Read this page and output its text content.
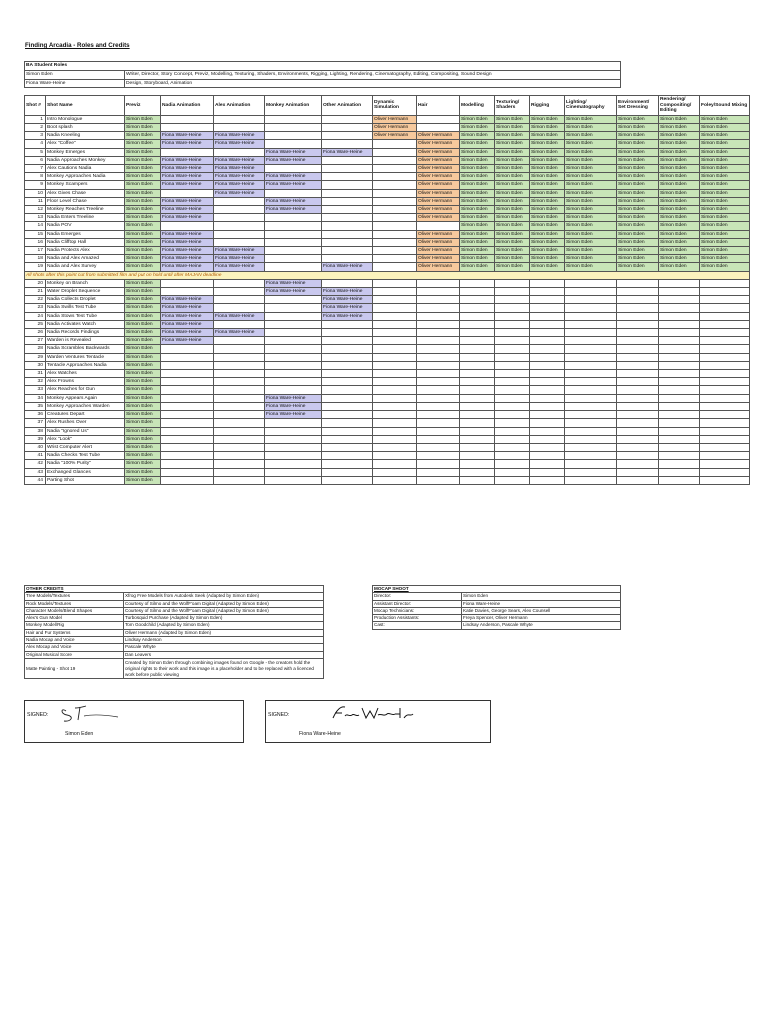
Finding Arcadia - Roles and Credits
BA Student Roles	
Simon Eden	Writer, Director, Story Concept, Previz, Modelling, Texturing, Shaders, Environments, Rigging, Lighting, Rendering, Cinematography, Editing, Compositing, Sound Design
Fiona Ware-Heine	Design, Storyboard, Animation
Shot #	Shot Name	Previz	Nadia Animation	Alex Animation	Monkey Animation	Other Animation	Dynamic Simulation	Hair	Modelling	Texturing/ Shaders	Rigging	Lighting/ Cinematography	Environment/ Set Dressing	Rendering/ Compositing/ Editing	Foley/Sound Mixing
1	Intro Monologue	Simon Eden					Oliver Hermann		Simon Eden	Simon Eden	Simon Eden	Simon Eden	Simon Eden	Simon Eden	Simon Eden
2	Boot splash	Simon Eden					Oliver Hermann		Simon Eden	Simon Eden	Simon Eden	Simon Eden	Simon Eden	Simon Eden	Simon Eden
3	Nadia Kneeling	Simon Eden	Fiona Ware-Heine	Fiona Ware-Heine			Oliver Hermann	Oliver Hermann	Simon Eden	Simon Eden	Simon Eden	Simon Eden	Simon Eden	Simon Eden	Simon Eden
4	Alex "Coffee"	Simon Eden	Fiona Ware-Heine	Fiona Ware-Heine				Oliver Hermann	Simon Eden	Simon Eden	Simon Eden	Simon Eden	Simon Eden	Simon Eden	Simon Eden
5	Monkey Emerges	Simon Eden			Fiona Ware-Heine	Fiona Ware-Heine		Oliver Hermann	Simon Eden	Simon Eden	Simon Eden	Simon Eden	Simon Eden	Simon Eden	Simon Eden
6	Nadia Approaches Monkey	Simon Eden	Fiona Ware-Heine	Fiona Ware-Heine	Fiona Ware-Heine			Oliver Hermann	Simon Eden	Simon Eden	Simon Eden	Simon Eden	Simon Eden	Simon Eden	Simon Eden
7	Alex Cautions Nadia	Simon Eden	Fiona Ware-Heine	Fiona Ware-Heine				Oliver Hermann	Simon Eden	Simon Eden	Simon Eden	Simon Eden	Simon Eden	Simon Eden	Simon Eden
8	Monkey Approaches Nadia	Simon Eden	Fiona Ware-Heine	Fiona Ware-Heine	Fiona Ware-Heine			Oliver Hermann	Simon Eden	Simon Eden	Simon Eden	Simon Eden	Simon Eden	Simon Eden	Simon Eden
9	Monkey Scampers	Simon Eden	Fiona Ware-Heine	Fiona Ware-Heine	Fiona Ware-Heine			Oliver Hermann	Simon Eden	Simon Eden	Simon Eden	Simon Eden	Simon Eden	Simon Eden	Simon Eden
10	Alex Gives Chase	Simon Eden		Fiona Ware-Heine				Oliver Hermann	Simon Eden	Simon Eden	Simon Eden	Simon Eden	Simon Eden	Simon Eden	Simon Eden
11	Floor Level Chase	Simon Eden	Fiona Ware-Heine		Fiona Ware-Heine			Oliver Hermann	Simon Eden	Simon Eden	Simon Eden	Simon Eden	Simon Eden	Simon Eden	Simon Eden
12	Monkey Reaches Treeline	Simon Eden	Fiona Ware-Heine		Fiona Ware-Heine			Oliver Hermann	Simon Eden	Simon Eden	Simon Eden	Simon Eden	Simon Eden	Simon Eden	Simon Eden
13	Nadia Enters Treeline	Simon Eden	Fiona Ware-Heine					Oliver Hermann	Simon Eden	Simon Eden	Simon Eden	Simon Eden	Simon Eden	Simon Eden	Simon Eden
14	Nadia POV	Simon Eden							Simon Eden	Simon Eden	Simon Eden	Simon Eden	Simon Eden	Simon Eden	Simon Eden
15	Nadia Emerges	Simon Eden	Fiona Ware-Heine					Oliver Hermann	Simon Eden	Simon Eden	Simon Eden	Simon Eden	Simon Eden	Simon Eden	Simon Eden
16	Nadia Clifftop Hall	Simon Eden	Fiona Ware-Heine					Oliver Hermann	Simon Eden	Simon Eden	Simon Eden	Simon Eden	Simon Eden	Simon Eden	Simon Eden
17	Nadia Protects Alex	Simon Eden	Fiona Ware-Heine	Fiona Ware-Heine				Oliver Hermann	Simon Eden	Simon Eden	Simon Eden	Simon Eden	Simon Eden	Simon Eden	Simon Eden
18	Nadia and Alex Amazed	Simon Eden	Fiona Ware-Heine	Fiona Ware-Heine				Oliver Hermann	Simon Eden	Simon Eden	Simon Eden	Simon Eden	Simon Eden	Simon Eden	Simon Eden
19	Nadia and Alex Survey	Simon Eden	Fiona Ware-Heine	Fiona Ware-Heine		Fiona Ware-Heine		Oliver Hermann	Simon Eden	Simon Eden	Simon Eden	Simon Eden	Simon Eden	Simon Eden	Simon Eden
All shots after this point cut from submitted film and put on hold until after MAJAN deadline															
20	Monkey on Branch	Simon Eden			Fiona Ware-Heine										
21	Water Droplet Sequence	Simon Eden			Fiona Ware-Heine	Fiona Ware-Heine									
22	Nadia Collects Droplet	Simon Eden	Fiona Ware-Heine			Fiona Ware-Heine									
23	Nadia Swills Test Tube	Simon Eden	Fiona Ware-Heine			Fiona Ware-Heine									
24	Nadia Stows Test Tube	Simon Eden	Fiona Ware-Heine	Fiona Ware-Heine		Fiona Ware-Heine									
25	Nadia Activates Watch	Simon Eden	Fiona Ware-Heine												
26	Nadia Records Findings	Simon Eden	Fiona Ware-Heine	Fiona Ware-Heine											
27	Warden is Revealed	Simon Eden	Fiona Ware-Heine												
28	Nadia Scrambles Backwards	Simon Eden													
29	Warden Ventures Tentacle	Simon Eden													
30	Tentacle Approaches Nadia	Simon Eden													
31	Alex Watches	Simon Eden													
32	Alex Frowns	Simon Eden													
33	Alex Reaches for Gun	Simon Eden													
34	Monkey Appears Again	Simon Eden			Fiona Ware-Heine										
35	Monkey Approaches Warden	Simon Eden			Fiona Ware-Heine										
36	Creatures Depart	Simon Eden			Fiona Ware-Heine										
37	Alex Rushes Over	Simon Eden													
38	Nadia "Ignored Us"	Simon Eden													
39	Alex "Look"	Simon Eden													
40	Wrist Computer Alert	Simon Eden													
41	Nadia Checks Test Tube	Simon Eden													
42	Nadia "100% Purity"	Simon Eden													
43	Exchanged Glances	Simon Eden													
44	Parting Shot	Simon Eden													
OTHER CREDITS	
Tree Models/Textures	Xfrog Free Models from Autodesk Seek (Adapted by Simon Eden)
Rock Models/Textures	Courtesy of Silmo and the WolfF'oam Digital (Adapted by Simon Eden)
Character Models/Blend Shapes	Courtesy of Silmo and the WolfF'oam Digital (Adapted by Simon Eden)
Alex's Gun Model	Turbosquid Purchase (Adapted by Simon Eden)
Monkey Model/Rig	Tom Goodchild (Adapted by Simon Eden)
Hair and Fur Systems	Oliver Hermann (Adapted by Simon Eden)
Nadia Mocap and Voice	Lindsay Anderson
Alex Mocap and Voice	Pascale Whyte
Original Musical Score	Dan Leavers
Matte Painting - Shot 19	Created by Simon Eden through combining images found on Google - the creators hold the original rights to their work and this image is a placeholder and to be replaced with a licenced work before public viewing
MOCAP SHOOT	
Director:	Simon Eden
Assistant Director:	Fiona Ware-Heine
Mocap Technicians:	Katie Davies, George Sears, Alex Counsell
Production Assistants:	Freya Spencer, Oliver Hermann
Cast:	Lindsay Anderson, Pascale Whyte
SIGNED:
Simon Eden
SIGNED:
Fiona Ware-Heine
